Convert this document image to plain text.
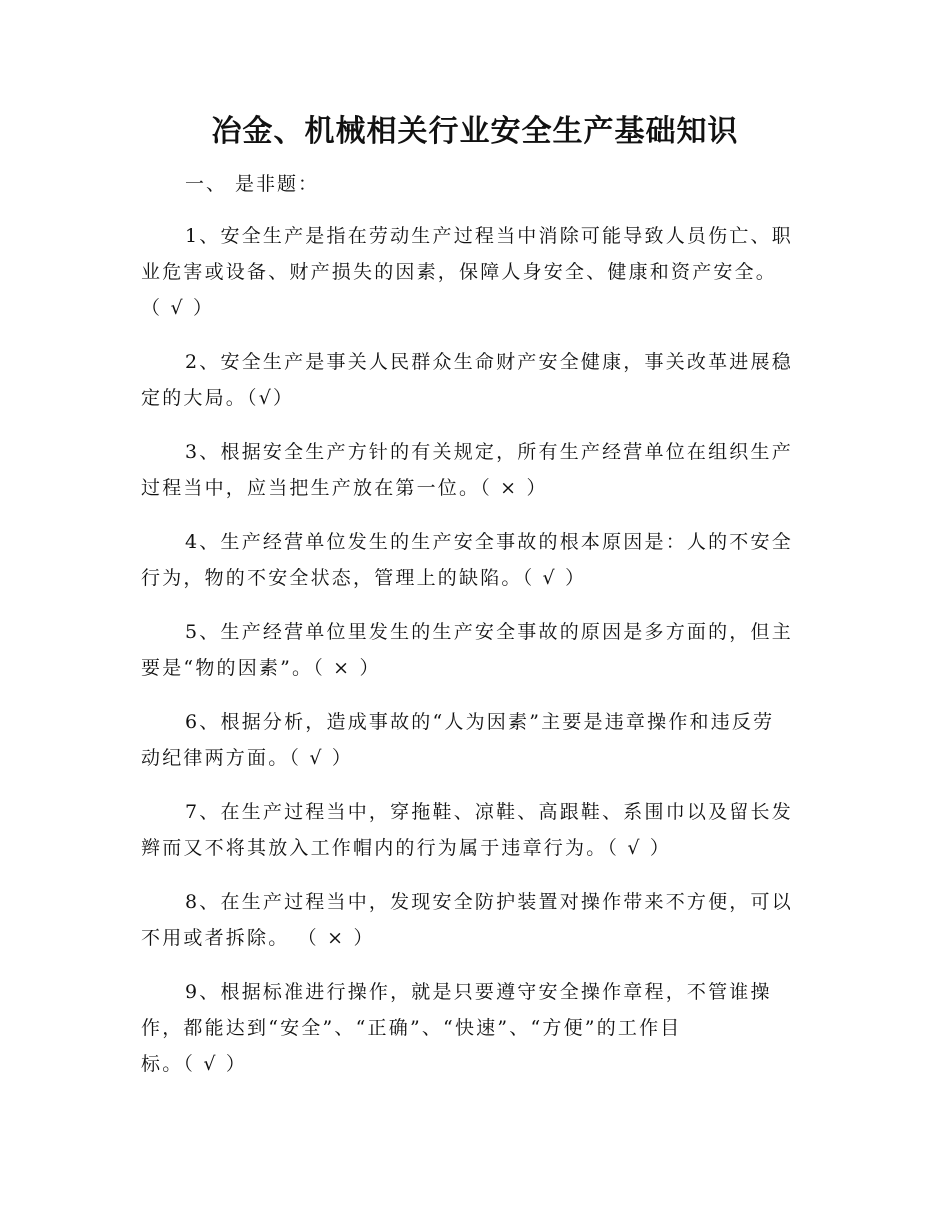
冶金、机械相关行业安全生产基础知识
一、 是非题：
1、安全生产是指在劳动生产过程当中消除可能导致人员伤亡、职
业危害或设备、财产损失的因素，保障人身安全、健康和资产安全。
（ √ ）
2、安全生产是事关人民群众生命财产安全健康，事关改革进展稳
定的大局。（√）
3、根据安全生产方针的有关规定，所有生产经营单位在组织生产
过程当中，应当把生产放在第一位。（ × ）
4、生产经营单位发生的生产安全事故的根本原因是：人的不安全
行为，物的不安全状态，管理上的缺陷。（ √ ）
5、生产经营单位里发生的生产安全事故的原因是多方面的，但主
要是“物的因素”。（ × ）
6、根据分析，造成事故的“人为因素”主要是违章操作和违反劳
动纪律两方面。（ √ ）
7、在生产过程当中，穿拖鞋、凉鞋、高跟鞋、系围巾以及留长发
辫而又不将其放入工作帽内的行为属于违章行为。（ √ ）
8、在生产过程当中，发现安全防护装置对操作带来不方便，可以
不用或者拆除。 （ × ）
9、根据标准进行操作，就是只要遵守安全操作章程，不管谁操
作，都能达到“安全”、“正确”、“快速”、“方便”的工作目
标。（ √ ）
